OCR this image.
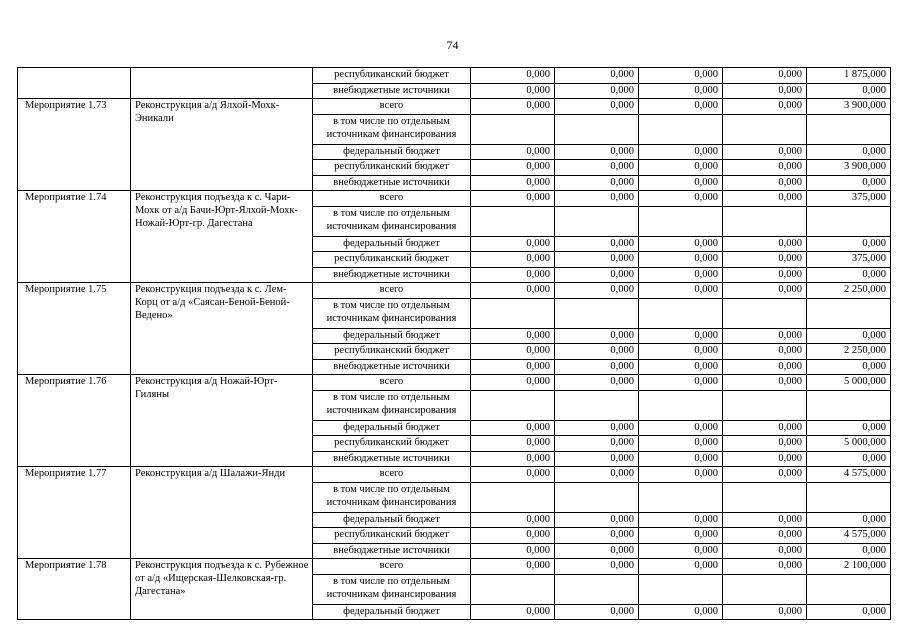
74
		республиканский бюджет	0,000	0,000	0,000	0,000	1 875,000
		внебюджетные источники	0,000	0,000	0,000	0,000	0,000
Мероприятие 1.73	Реконструкция а/д Ялхой-Мохк-Эникали	всего	0,000	0,000	0,000	0,000	3 900,000
		в том числе по отдельным источникам финансирования					
		федеральный бюджет	0,000	0,000	0,000	0,000	0,000
		республиканский бюджет	0,000	0,000	0,000	0,000	3 900,000
		внебюджетные источники	0,000	0,000	0,000	0,000	0,000
Мероприятие 1.74	Реконструкция подъезда к с. Чари-Мохк от а/д Бачи-Юрт-Ялхой-Мохк-Ножай-Юрт-гр. Дагестана	всего	0,000	0,000	0,000	0,000	375,000
		в том числе по отдельным источникам финансирования					
		федеральный бюджет	0,000	0,000	0,000	0,000	0,000
		республиканский бюджет	0,000	0,000	0,000	0,000	375,000
		внебюджетные источники	0,000	0,000	0,000	0,000	0,000
Мероприятие 1.75	Реконструкция подъезда к с. Лем-Корц от а/д «Саясан-Беной-Беной-Ведено»	всего	0,000	0,000	0,000	0,000	2 250,000
		в том числе по отдельным источникам финансирования					
		федеральный бюджет	0,000	0,000	0,000	0,000	0,000
		республиканский бюджет	0,000	0,000	0,000	0,000	2 250,000
		внебюджетные источники	0,000	0,000	0,000	0,000	0,000
Мероприятие 1.76	Реконструкция а/д Ножай-Юрт-Гиляны	всего	0,000	0,000	0,000	0,000	5 000,000
		в том числе по отдельным источникам финансирования					
		федеральный бюджет	0,000	0,000	0,000	0,000	0,000
		республиканский бюджет	0,000	0,000	0,000	0,000	5 000,000
		внебюджетные источники	0,000	0,000	0,000	0,000	0,000
Мероприятие 1.77	Реконструкция а/д Шалажи-Янди	всего	0,000	0,000	0,000	0,000	4 575,000
		в том числе по отдельным источникам финансирования					
		федеральный бюджет	0,000	0,000	0,000	0,000	0,000
		республиканский бюджет	0,000	0,000	0,000	0,000	4 575,000
		внебюджетные источники	0,000	0,000	0,000	0,000	0,000
Мероприятие 1.78	Реконструкция подъезда к с. Рубежное от а/д «Ищерская-Шелковская-гр. Дагестана»	всего	0,000	0,000	0,000	0,000	2 100,000
		в том числе по отдельным источникам финансирования					
		федеральный бюджет	0,000	0,000	0,000	0,000	0,000
